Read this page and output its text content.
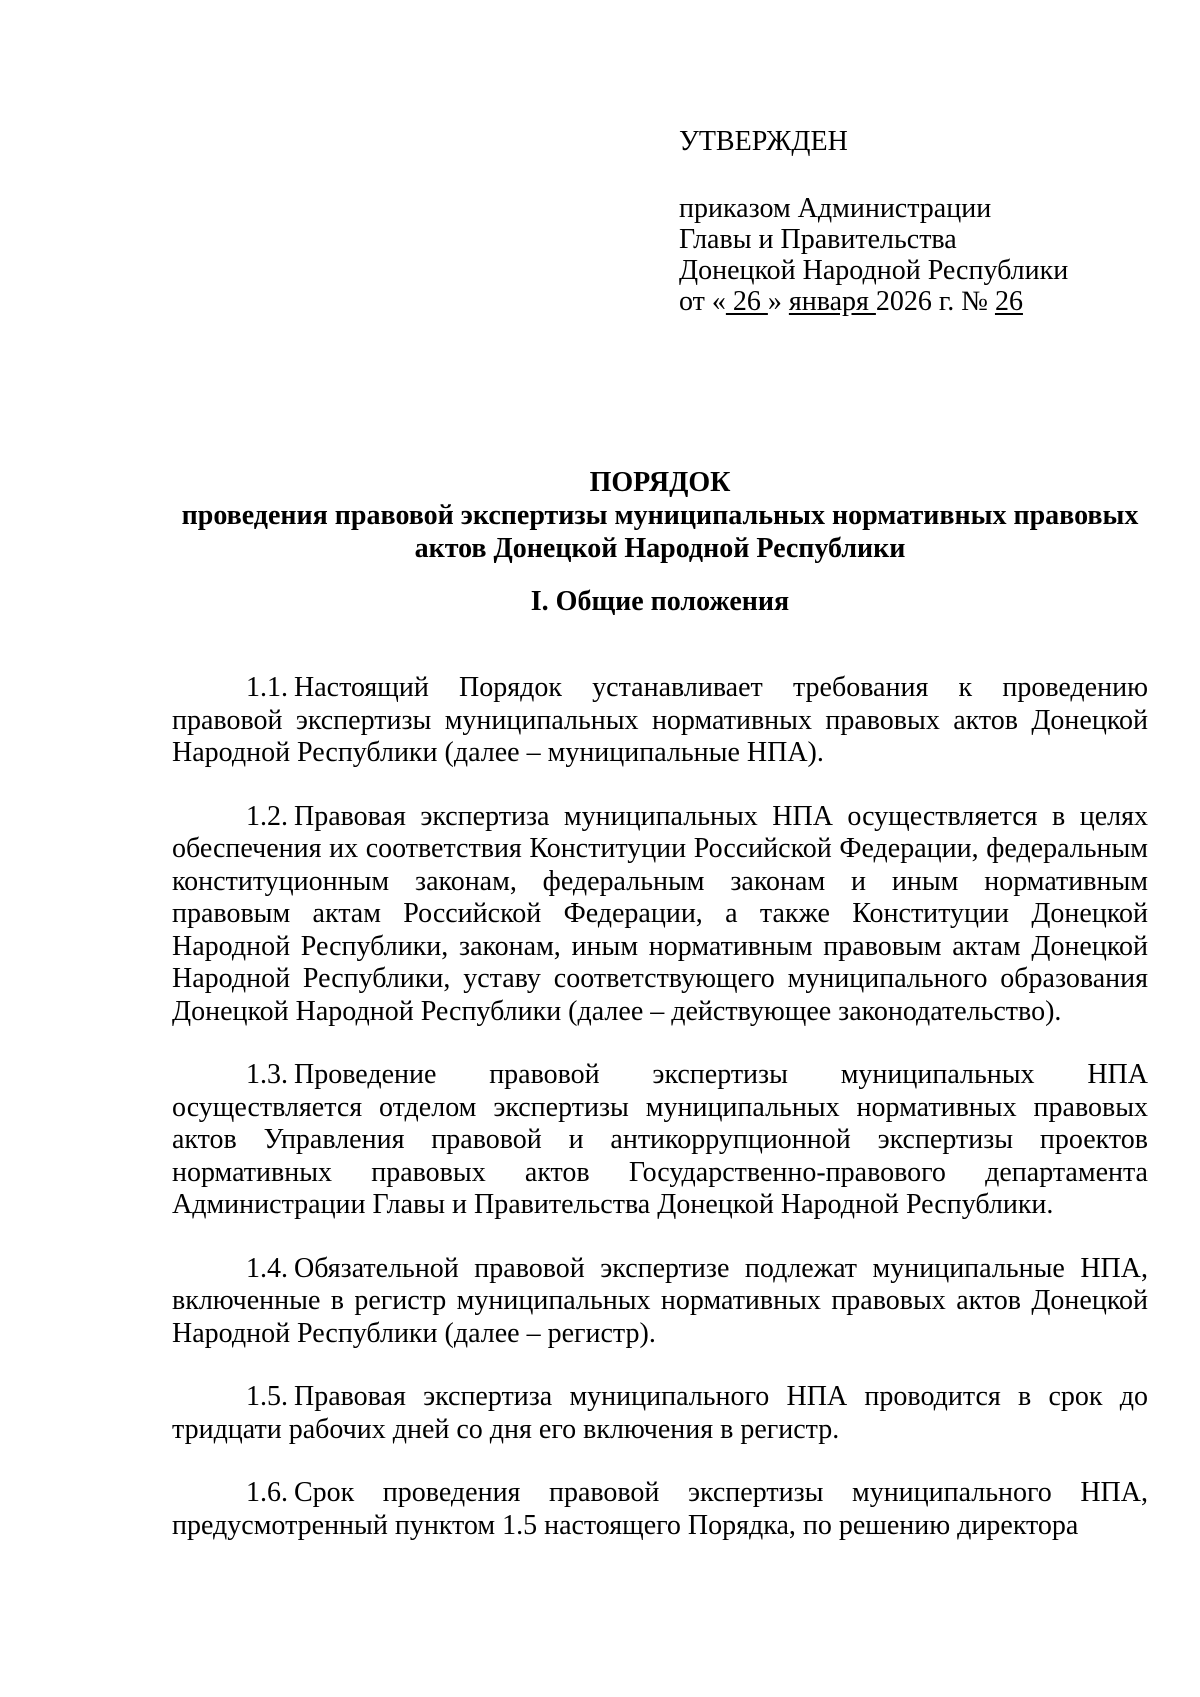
УТВЕРЖДЕН
приказом Администрации
Главы и Правительства
Донецкой Народной Республики
от « 26 » января 2026 г. № 26
ПОРЯДОК
проведения правовой экспертизы муниципальных нормативных правовых актов Донецкой Народной Республики
I. Общие положения

1.1. Настоящий Порядок устанавливает требования к проведению правовой экспертизы муниципальных нормативных правовых актов Донецкой Народной Республики (далее – муниципальные НПА).

1.2. Правовая экспертиза муниципальных НПА осуществляется в целях обеспечения их соответствия Конституции Российской Федерации, федеральным конституционным законам, федеральным законам и иным нормативным правовым актам Российской Федерации, а также Конституции Донецкой Народной Республики, законам, иным нормативным правовым актам Донецкой Народной Республики, уставу соответствующего муниципального образования Донецкой Народной Республики (далее – действующее законодательство).

1.3. Проведение правовой экспертизы муниципальных НПА осуществляется отделом экспертизы муниципальных нормативных правовых актов Управления правовой и антикоррупционной экспертизы проектов нормативных правовых актов Государственно-правового департамента Администрации Главы и Правительства Донецкой Народной Республики.

1.4. Обязательной правовой экспертизе подлежат муниципальные НПА, включенные в регистр муниципальных нормативных правовых актов Донецкой Народной Республики (далее – регистр).

1.5. Правовая экспертиза муниципального НПА проводится в срок до тридцати рабочих дней со дня его включения в регистр.

1.6. Срок проведения правовой экспертизы муниципального НПА, предусмотренный пунктом 1.5 настоящего Порядка, по решению директора
